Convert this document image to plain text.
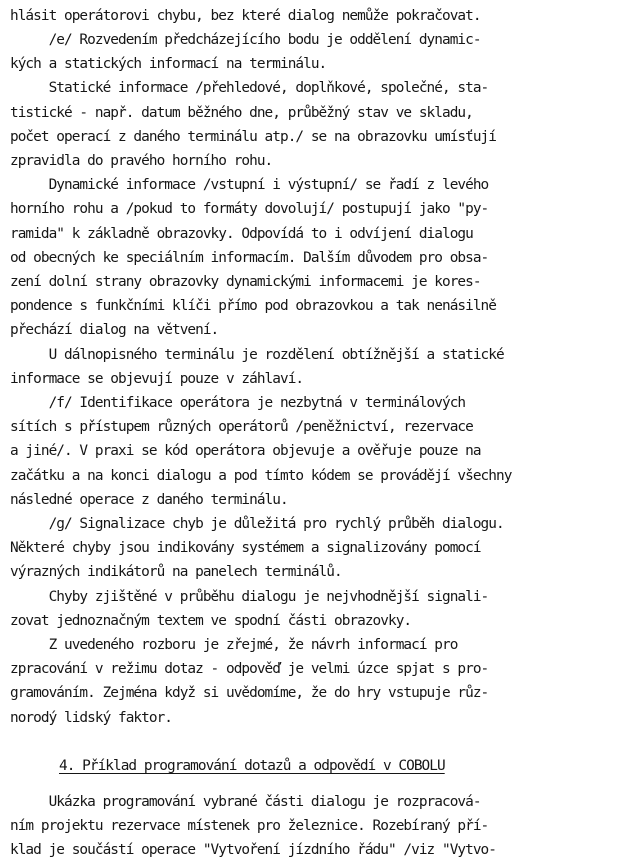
hlásit operátorovi chybu, bez které dialog nemůže pokračovat.
/e/ Rozvedením předcházejícího bodu je oddělení dynamic-
kých a statických informací na terminálu.
Statické informace /přehledové, doplňkové, společné, sta-
tistické - např. datum běžného dne, průběžný stav ve skladu,
počet operací z daného terminálu atp./ se na obrazovku umísťují
zpravidla do pravého horního rohu.
Dynamické informace /vstupní i výstupní/ se řadí z levého
horního rohu a /pokud to formáty dovolují/ postupují jako "py-
ramida" k základně obrazovky. Odpovídá to i odvíjení dialogu
od obecných ke speciálním informacím. Dalším důvodem pro obsa-
zení dolní strany obrazovky dynamickými informacemi je kores-
pondence s funkčními klíči přímo pod obrazovkou a tak nenásilně
přechází dialog na větvení.
U dálnopisného terminálu je rozdělení obtížnější a statické
informace se objevují pouze v záhlaví.
/f/ Identifikace operátora je nezbytná v terminálových
sítích s přístupem různých operátorů /peněžnictví, rezervace
a jiné/. V praxi se kód operátora objevuje a ověřuje pouze na
začátku a na konci dialogu a pod tímto kódem se provádějí všechny
následné operace z daného terminálu.
/g/ Signalizace chyb je důležitá pro rychlý průběh dialogu.
Některé chyby jsou indikovány systémem a signalizovány pomocí
výrazných indikátorů na panelech terminálů.
Chyby zjištěné v průběhu dialogu je nejvhodnější signali-
zovat jednoznačným textem ve spodní části obrazovky.
Z uvedeného rozboru je zřejmé, že návrh informací pro
zpracování v režimu dotaz - odpověď je velmi úzce spjat s pro-
gramováním. Zejména když si uvědomíme, že do hry vstupuje růz-
norodý lidský faktor.
4. Příklad programování dotazů a odpovědí v COBOLU
Ukázka programování vybrané části dialogu je rozpracová-
ním projektu rezervace místenek pro železnice. Rozebíraný pří-
klad je součástí operace "Vytvoření jízdního řádu" /viz "Vytvo-
